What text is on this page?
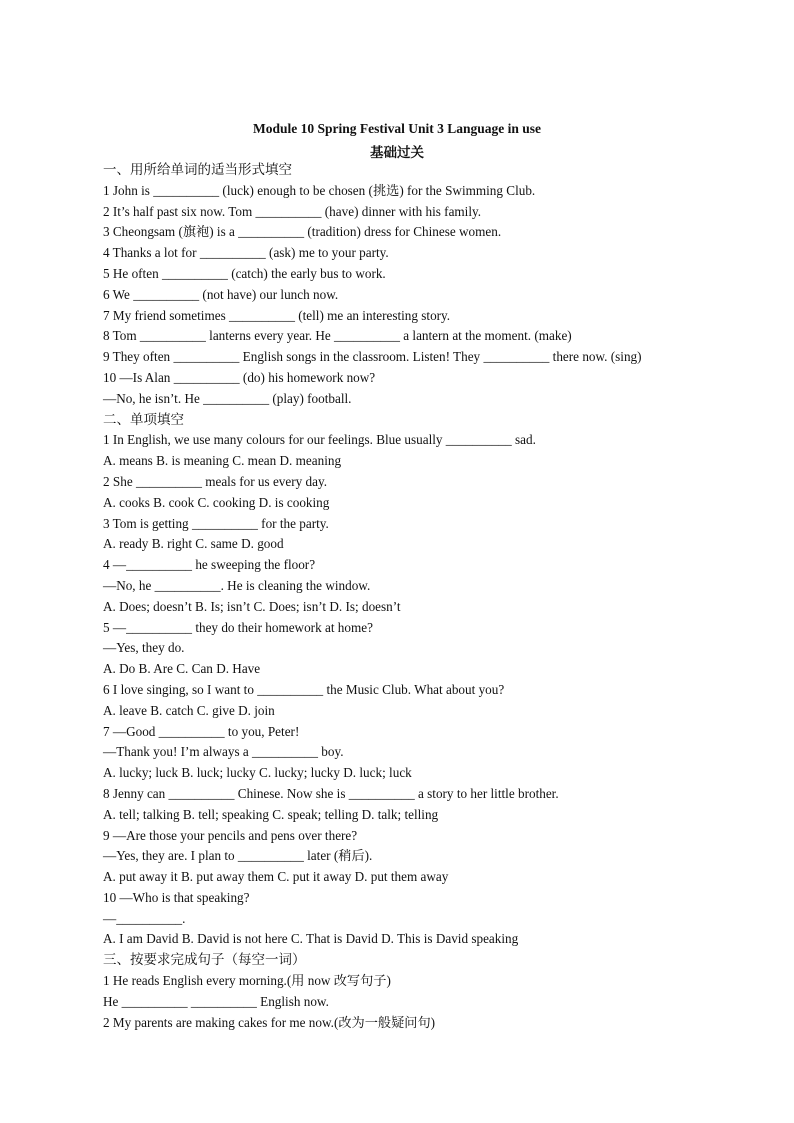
Module 10 Spring Festival Unit 3 Language in use
基础过关
一、用所给单词的适当形式填空
1 John is __________ (luck) enough to be chosen (挑选) for the Swimming Club.
2 It’s half past six now. Tom __________ (have) dinner with his family.
3 Cheongsam (旗袍) is a __________ (tradition) dress for Chinese women.
4 Thanks a lot for __________ (ask) me to your party.
5 He often __________ (catch) the early bus to work.
6 We __________ (not have) our lunch now.
7 My friend sometimes __________ (tell) me an interesting story.
8 Tom __________ lanterns every year. He __________ a lantern at the moment. (make)
9 They often __________ English songs in the classroom. Listen! They __________ there now. (sing)
10 —Is Alan __________ (do) his homework now?
—No, he isn’t. He __________ (play) football.
二、单项填空
1 In English, we use many colours for our feelings. Blue usually __________ sad.
A. means B. is meaning C. mean D. meaning
2 She __________ meals for us every day.
A. cooks B. cook C. cooking D. is cooking
3 Tom is getting __________ for the party.
A. ready B. right C. same D. good
4 —__________ he sweeping the floor?
—No, he __________. He is cleaning the window.
A. Does; doesn’t B. Is; isn’t C. Does; isn’t D. Is; doesn’t
5 —__________ they do their homework at home?
—Yes, they do.
A. Do B. Are C. Can D. Have
6 I love singing, so I want to __________ the Music Club. What about you?
A. leave B. catch C. give D. join
7 —Good __________ to you, Peter!
—Thank you! I’m always a __________ boy.
A. lucky; luck B. luck; lucky C. lucky; lucky D. luck; luck
8 Jenny can __________ Chinese. Now she is __________ a story to her little brother.
A. tell; talking B. tell; speaking C. speak; telling D. talk; telling
9 —Are those your pencils and pens over there?
—Yes, they are. I plan to __________ later (稍后).
A. put away it B. put away them C. put it away D. put them away
10 —Who is that speaking?
—__________.
A. I am David B. David is not here C. That is David D. This is David speaking
三、按要求完成句子（每空一词）
1 He reads English every morning.(用 now 改写句子)
He __________ __________ English now.
2 My parents are making cakes for me now.(改为一般疑问句)
